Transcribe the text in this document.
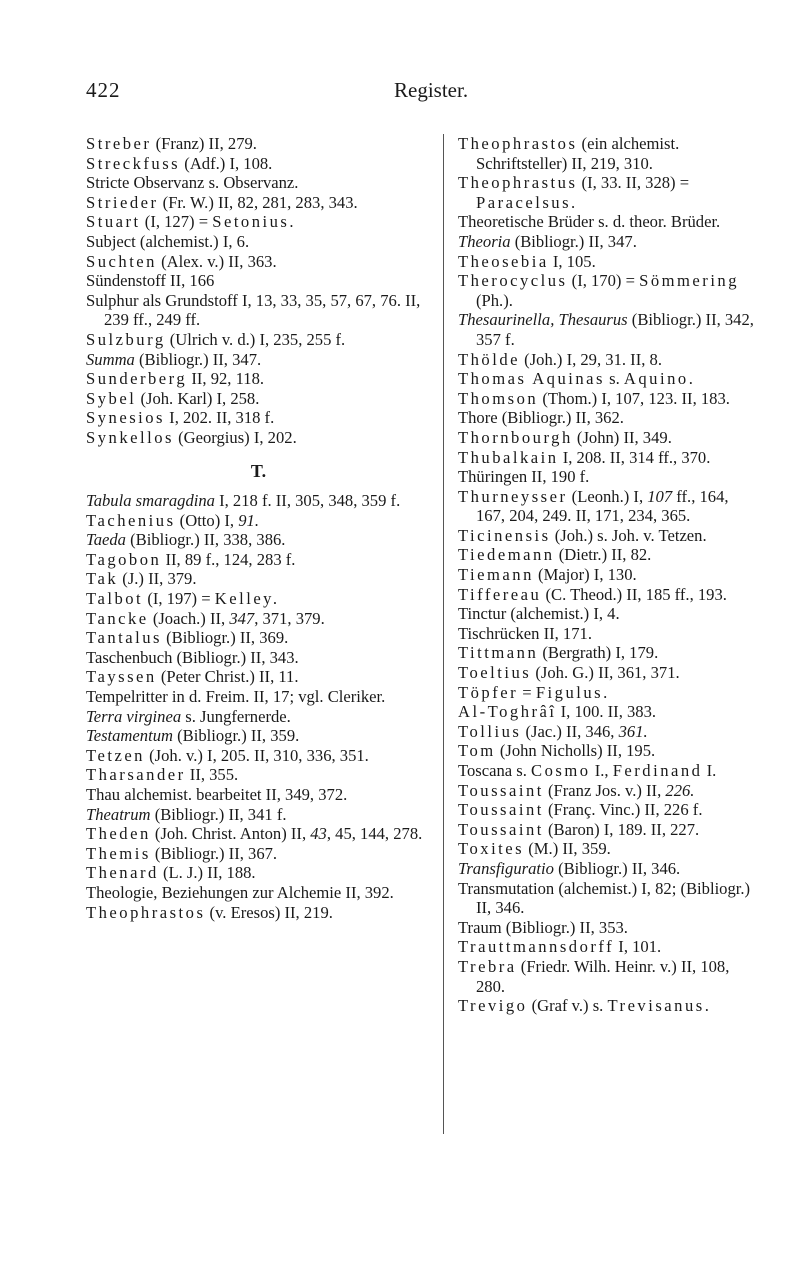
422	Register.

Streber (Franz) II, 279.

Streckfuss (Adf.) I, 108.

Stricte Observanz s. Observanz.

Strieder (Fr. W.) II, 82, 281, 283, 343.

Stuart (I, 127) = Setonius.

Subject (alchemist.) I, 6.

Suchten (Alex. v.) II, 363.

Sündenstoff II, 166

Sulphur als Grundstoff I, 13, 33, 35, 57, 67, 76. II, 239 ff., 249 ff.

Sulzburg (Ulrich v. d.) I, 235, 255 f.

Summa (Bibliogr.) II, 347.

Sunderberg II, 92, 118.

Sybel (Joh. Karl) I, 258.

Synesios I, 202. II, 318 f.

Synkellos (Georgius) I, 202.

T.

Tabula smaragdina I, 218 f. II, 305, 348, 359 f.

Tachenius (Otto) I, 91.

Taeda (Bibliogr.) II, 338, 386.

Tagobon II, 89 f., 124, 283 f.

Tak (J.) II, 379.

Talbot (I, 197) = Kelley.

Tancke (Joach.) II, 347, 371, 379.

Tantalus (Bibliogr.) II, 369.

Taschenbuch (Bibliogr.) II, 343.

Tayssen (Peter Christ.) II, 11.

Tempelritter in d. Freim. II, 17; vgl. Cleriker.

Terra virginea s. Jungfernerde.

Testamentum (Bibliogr.) II, 359.

Tetzen (Joh. v.) I, 205. II, 310, 336, 351.

Tharsander II, 355.

Thau alchemist. bearbeitet II, 349, 372.

Theatrum (Bibliogr.) II, 341 f.

Theden (Joh. Christ. Anton) II, 43, 45, 144, 278.

Themis (Bibliogr.) II, 367.

Thenard (L. J.) II, 188.

Theologie, Beziehungen zur Alchemie II, 392.

Theophrastos (v. Eresos) II, 219.

Theophrastos (ein alchemist. Schriftsteller) II, 219, 310.

Theophrastus (I, 33. II, 328) = Paracelsus.

Theoretische Brüder s. d. theor. Brüder.

Theoria (Bibliogr.) II, 347.

Theosebia I, 105.

Therocyclus (I, 170) = Sömmering (Ph.).

Thesaurinella, Thesaurus (Bibliogr.) II, 342, 357 f.

Thölde (Joh.) I, 29, 31. II, 8.

Thomas Aquinas s. Aquino.

Thomson (Thom.) I, 107, 123. II, 183.

Thore (Bibliogr.) II, 362.

Thornbourgh (John) II, 349.

Thubalkain I, 208. II, 314 ff., 370.

Thüringen II, 190 f.

Thurneysser (Leonh.) I, 107 ff., 164, 167, 204, 249. II, 171, 234, 365.

Ticinensis (Joh.) s. Joh. v. Tetzen.

Tiedemann (Dietr.) II, 82.

Tiemann (Major) I, 130.

Tiffereau (C. Theod.) II, 185 ff., 193.

Tinctur (alchemist.) I, 4.

Tischrücken II, 171.

Tittmann (Bergrath) I, 179.

Toeltius (Joh. G.) II, 361, 371.

Töpfer = Figulus.

Al-Toghrâî I, 100. II, 383.

Tollius (Jac.) II, 346, 361.

Tom (John Nicholls) II, 195.

Toscana s. Cosmo I., Ferdinand I.

Toussaint (Franz Jos. v.) II, 226.

Toussaint (Franç. Vinc.) II, 226 f.

Toussaint (Baron) I, 189. II, 227.

Toxites (M.) II, 359.

Transfiguratio (Bibliogr.) II, 346.

Transmutation (alchemist.) I, 82; (Bibliogr.) II, 346.

Traum (Bibliogr.) II, 353.

Trauttmannsdorff I, 101.

Trebra (Friedr. Wilh. Heinr. v.) II, 108, 280.

Trevigo (Graf v.) s. Trevisanus.
